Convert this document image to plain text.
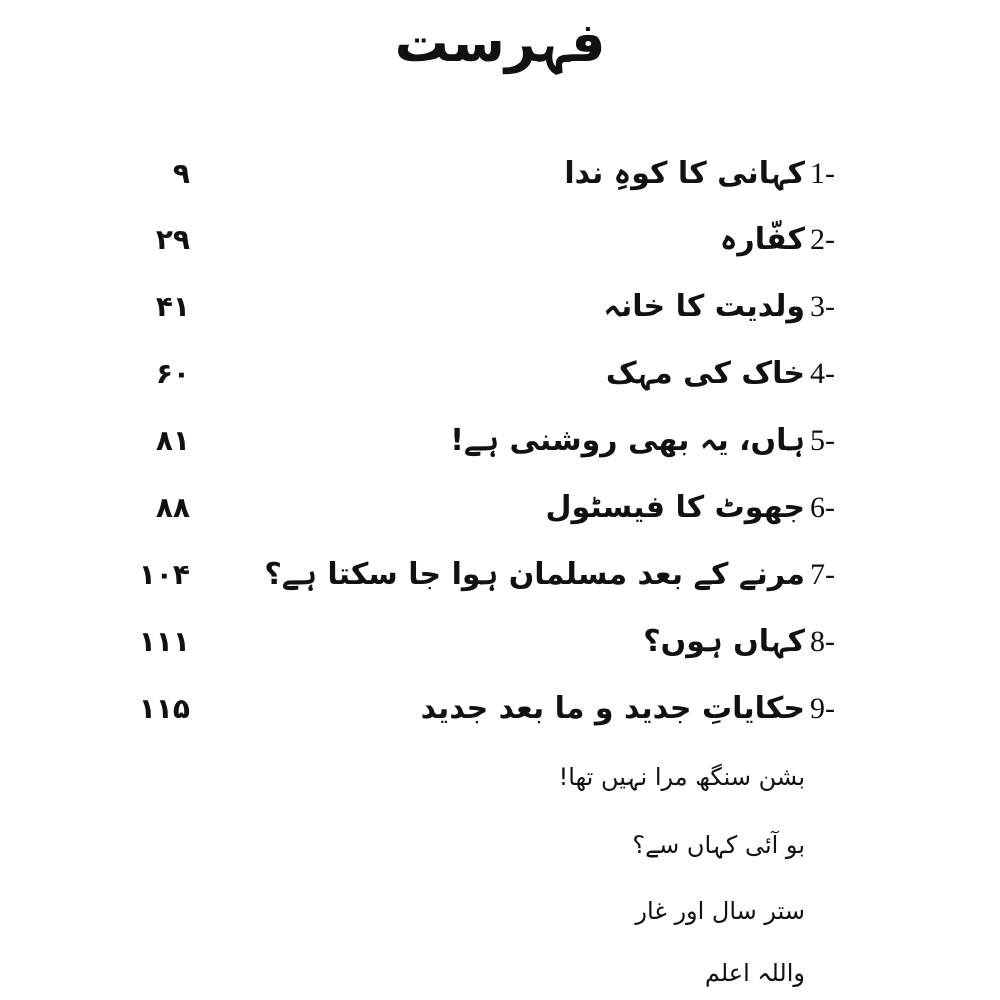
فہرست
1-
کہانی کا کوہِ ندا
۹
2-
کفّارہ
۲۹
3-
ولدیت کا خانہ
۴۱
4-
خاک کی مہک
۶۰
5-
ہاں، یہ بھی روشنی ہے!
۸۱
6-
جھوٹ کا فیسٹول
۸۸
7-
مرنے کے بعد مسلمان ہوا جا سکتا ہے؟
۱۰۴
8-
کہاں ہوں؟
۱۱۱
9-
حکایاتِ جدید و ما بعد جدید
۱۱۵
بشن سنگھ مرا نہیں تھا!
بو آئی کہاں سے؟
ستر سال اور غار
واللہ اعلم
